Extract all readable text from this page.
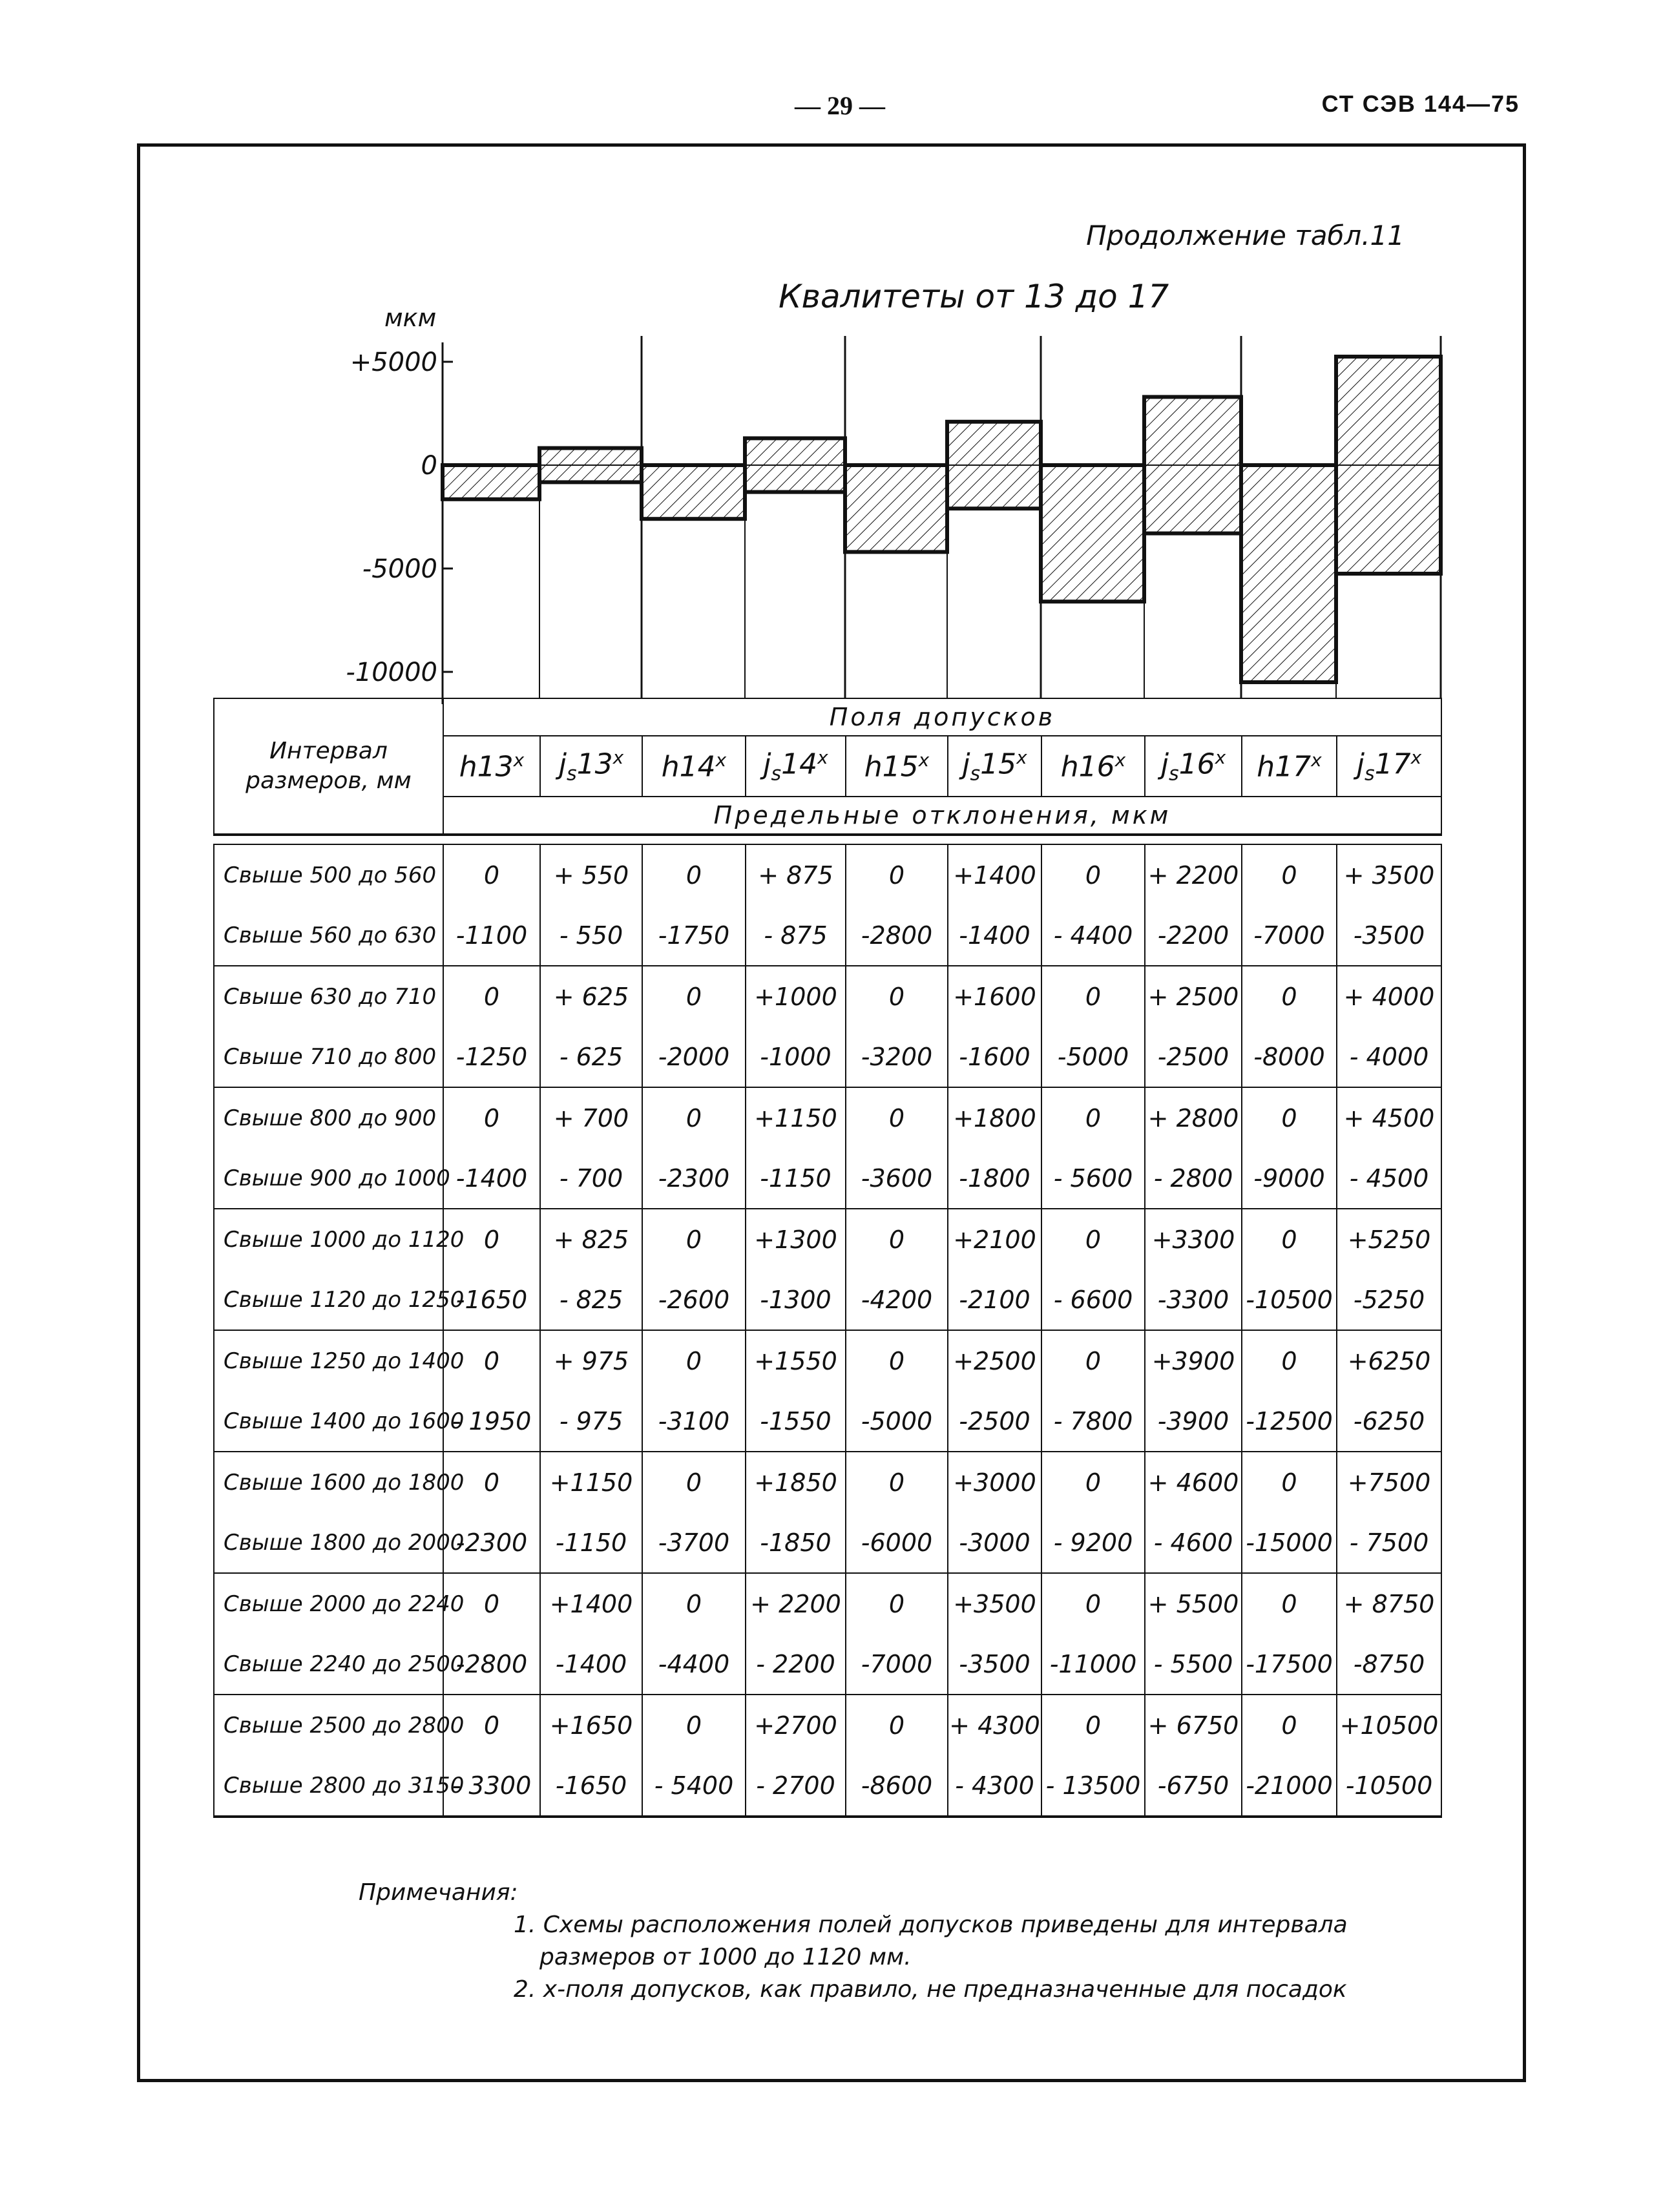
— 29 —	СТ СЭВ 144—75
Продолжение табл.11
Квалитеты от 13 до 17
мкм
+5000
0
-5000
-10000
Интервал размеров, мм	Поля допусков									
	h13$^x$	$j_s13^x$	h14$^x$	$j_s14^x$	h15$^x$	$j_s15^x$	h16$^x$	$j_s16^x$	h17$^x$	$j_s17^x$
	Предельные отклонения, мкм									

Свыше 500 до 560	0	+ 550	0	+ 875	0	+1400	0	+ 2200	0	+ 3500
Свыше 560 до 630	-1100	- 550	-1750	- 875	-2800	-1400	- 4400	-2200	-7000	-3500
Свыше 630 до 710	0	+ 625	0	+1000	0	+1600	0	+ 2500	0	+ 4000
Свыше 710 до 800	-1250	- 625	-2000	-1000	-3200	-1600	-5000	-2500	-8000	- 4000
Свыше 800 до 900	0	+ 700	0	+1150	0	+1800	0	+ 2800	0	+ 4500
Свыше 900 до 1000	-1400	- 700	-2300	-1150	-3600	-1800	- 5600	- 2800	-9000	- 4500
Свыше 1000 до 1120	0	+ 825	0	+1300	0	+2100	0	+3300	0	+5250
Свыше 1120 до 1250	-1650	- 825	-2600	-1300	-4200	-2100	- 6600	-3300	-10500	-5250
Свыше 1250 до 1400	0	+ 975	0	+1550	0	+2500	0	+3900	0	+6250
Свыше 1400 до 1600	- 1950	- 975	-3100	-1550	-5000	-2500	- 7800	-3900	-12500	-6250
Свыше 1600 до 1800	0	+1150	0	+1850	0	+3000	0	+ 4600	0	+7500
Свыше 1800 до 2000	-2300	-1150	-3700	-1850	-6000	-3000	- 9200	- 4600	-15000	- 7500
Свыше 2000 до 2240	0	+1400	0	+ 2200	0	+3500	0	+ 5500	0	+ 8750
Свыше 2240 до 2500	-2800	-1400	-4400	- 2200	-7000	-3500	-11000	- 5500	-17500	-8750
Свыше 2500 до 2800	0	+1650	0	+2700	0	+ 4300	0	+ 6750	0	+10500
Свыше 2800 до 3150	- 3300	-1650	- 5400	- 2700	-8600	- 4300	- 13500	-6750	-21000	-10500
Примечания:
1. Схемы расположения полей допусков приведены для интервала
размеров от 1000 до 1120 мм.
2. x-поля допусков, как правило, не предназначенные для посадок
